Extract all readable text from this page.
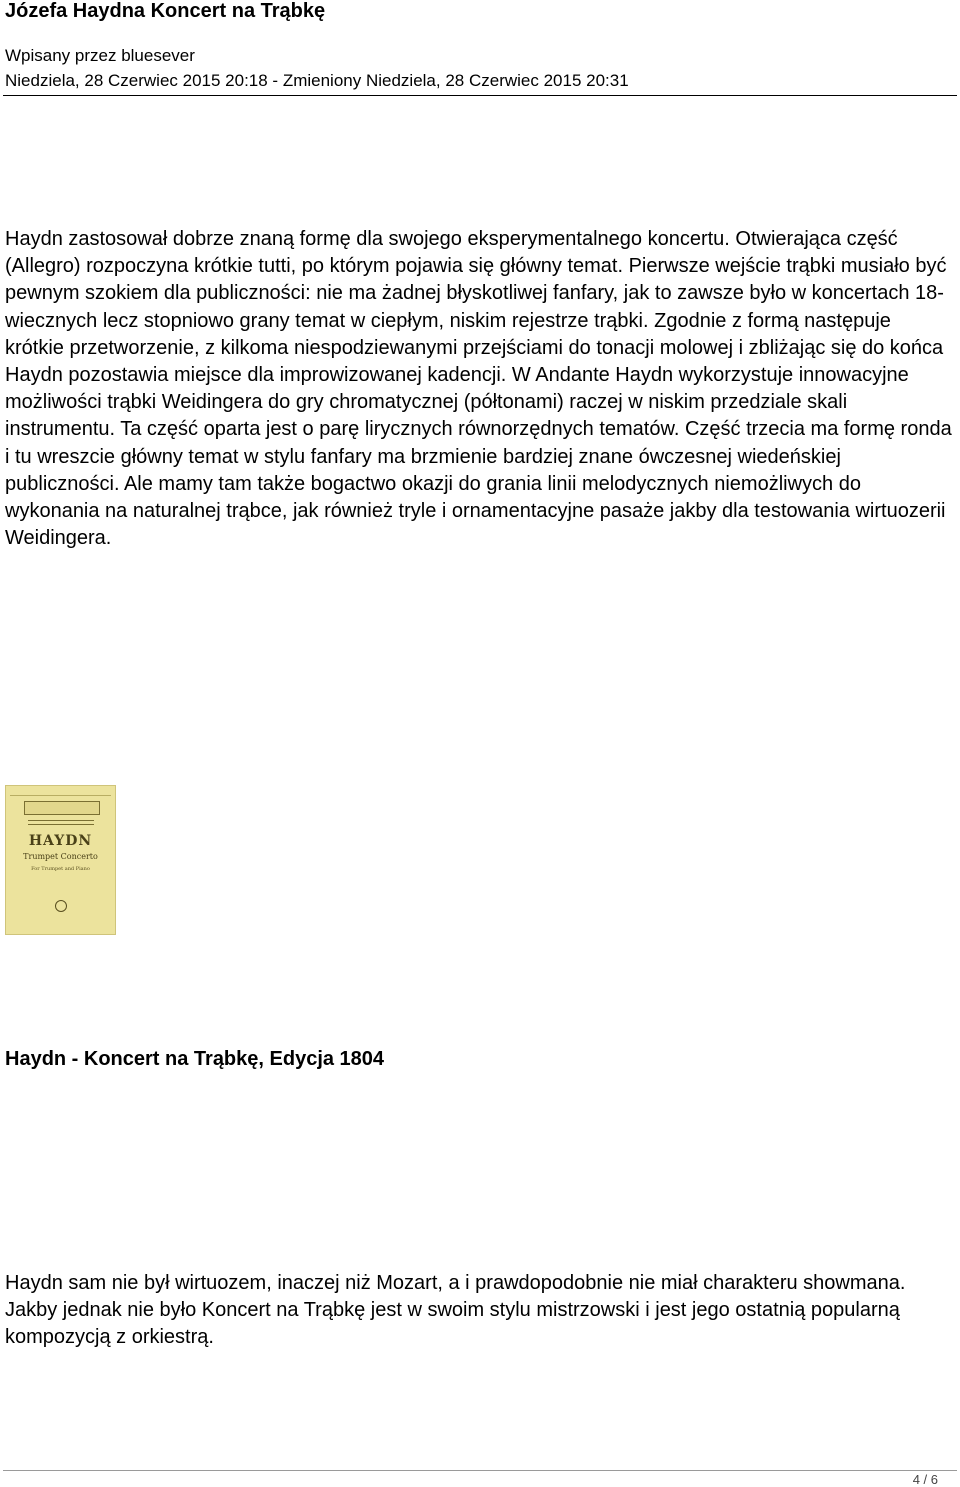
Józefa Haydna Koncert na Trąbkę
Wpisany przez bluesever
Niedziela, 28 Czerwiec 2015 20:18 - Zmieniony Niedziela, 28 Czerwiec 2015 20:31

Haydn zastosował dobrze znaną formę dla swojego eksperymentalnego koncertu. Otwierająca część (Allegro) rozpoczyna krótkie tutti, po którym pojawia się główny temat. Pierwsze wejście trąbki musiało być pewnym szokiem dla publiczności: nie ma żadnej błyskotliwej fanfary, jak to zawsze było w koncertach 18-wiecznych lecz stopniowo grany temat w ciepłym, niskim rejestrze trąbki. Zgodnie z formą następuje krótkie przetworzenie, z kilkoma niespodziewanymi przejściami do tonacji molowej i zbliżając się do końca Haydn pozostawia miejsce dla improwizowanej kadencji. W Andante Haydn wykorzystuje innowacyjne możliwości trąbki Weidingera do gry chromatycznej (półtonami) raczej w niskim przedziale skali instrumentu. Ta część oparta jest o parę lirycznych równorzędnych tematów. Część trzecia ma formę ronda i tu wreszcie główny temat w stylu fanfary ma brzmienie bardziej znane ówczesnej wiedeńskiej publiczności. Ale mamy tam także bogactwo okazji do grania linii melodycznych niemożliwych do wykonania na naturalnej trąbce, jak również tryle i ornamentacyjne pasaże jakby dla testowania wirtuozerii Weidingera.

HAYDN
Trumpet Concerto
For Trumpet and Piano
Haydn - Koncert na Trąbkę, Edycja 1804

Haydn sam nie był wirtuozem, inaczej niż Mozart, a i prawdopodobnie nie miał charakteru showmana. Jakby jednak nie było Koncert na Trąbkę jest w swoim stylu mistrzowski i jest jego ostatnią popularną kompozycją z orkiestrą.

4 / 6
